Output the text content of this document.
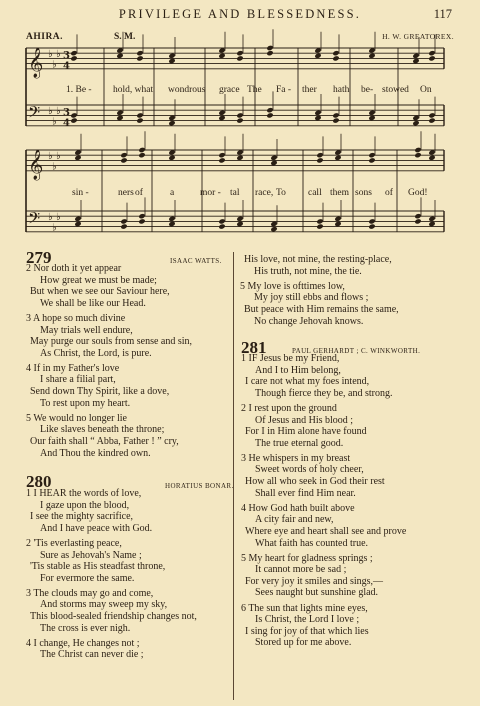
PRIVILEGE AND BLESSEDNESS.	117
AHIRA.	S. M.	H. W. GREATOREX.
𝄞 ♭
♭
♭ 3
4
𝄢 ♭
♭
♭ 3
4
𝄞 ♭
♭
♭
𝄢 ♭
♭
♭
1. Be - hold, what wondrous grace The Fa - ther hath be- stowed On
sin -	ners of	a	mor - tal race, To call them sons of God!
279	ISAAC WATTS.
2 Nor doth it yet appear
How great we must be made;
But when we see our Saviour here,
We shall be like our Head.
3 A hope so much divine
May trials well endure,
May purge our souls from sense and sin,
As Christ, the Lord, is pure.
4 If in my Father's love
I share a filial part,
Send down Thy Spirit, like a dove,
To rest upon my heart.
5 We would no longer lie
Like slaves beneath the throne;
Our faith shall “ Abba, Father ! ” cry,
And Thou the kindred own.
280	HORATIUS BONAR.
1 I HEAR the words of love,
I gaze upon the blood,
I see the mighty sacrifice,
And I have peace with God.
2 'Tis everlasting peace,
Sure as Jehovah's Name ;
'Tis stable as His steadfast throne,
For evermore the same.
3 The clouds may go and come,
And storms may sweep my sky,
This blood-sealed friendship changes not,
The cross is ever nigh.
4 I change, He changes not ;
The Christ can never die ;
His love, not mine, the resting-place,
His truth, not mine, the tie.
5 My love is ofttimes low,
My joy still ebbs and flows ;
But peace with Him remains the same,
No change Jehovah knows.
281	PAUL GERHARDT ; C. WINKWORTH.
1 IF Jesus be my Friend,
And I to Him belong,
I care not what my foes intend,
Though fierce they be, and strong.
2 I rest upon the ground
Of Jesus and His blood ;
For I in Him alone have found
The true eternal good.
3 He whispers in my breast
Sweet words of holy cheer,
How all who seek in God their rest
Shall ever find Him near.
4 How God hath built above
A city fair and new,
Where eye and heart shall see and prove
What faith has counted true.
5 My heart for gladness springs ;
It cannot more be sad ;
For very joy it smiles and sings,—
Sees naught but sunshine glad.
6 The sun that lights mine eyes,
Is Christ, the Lord I love ;
I sing for joy of that which lies
Stored up for me above.
